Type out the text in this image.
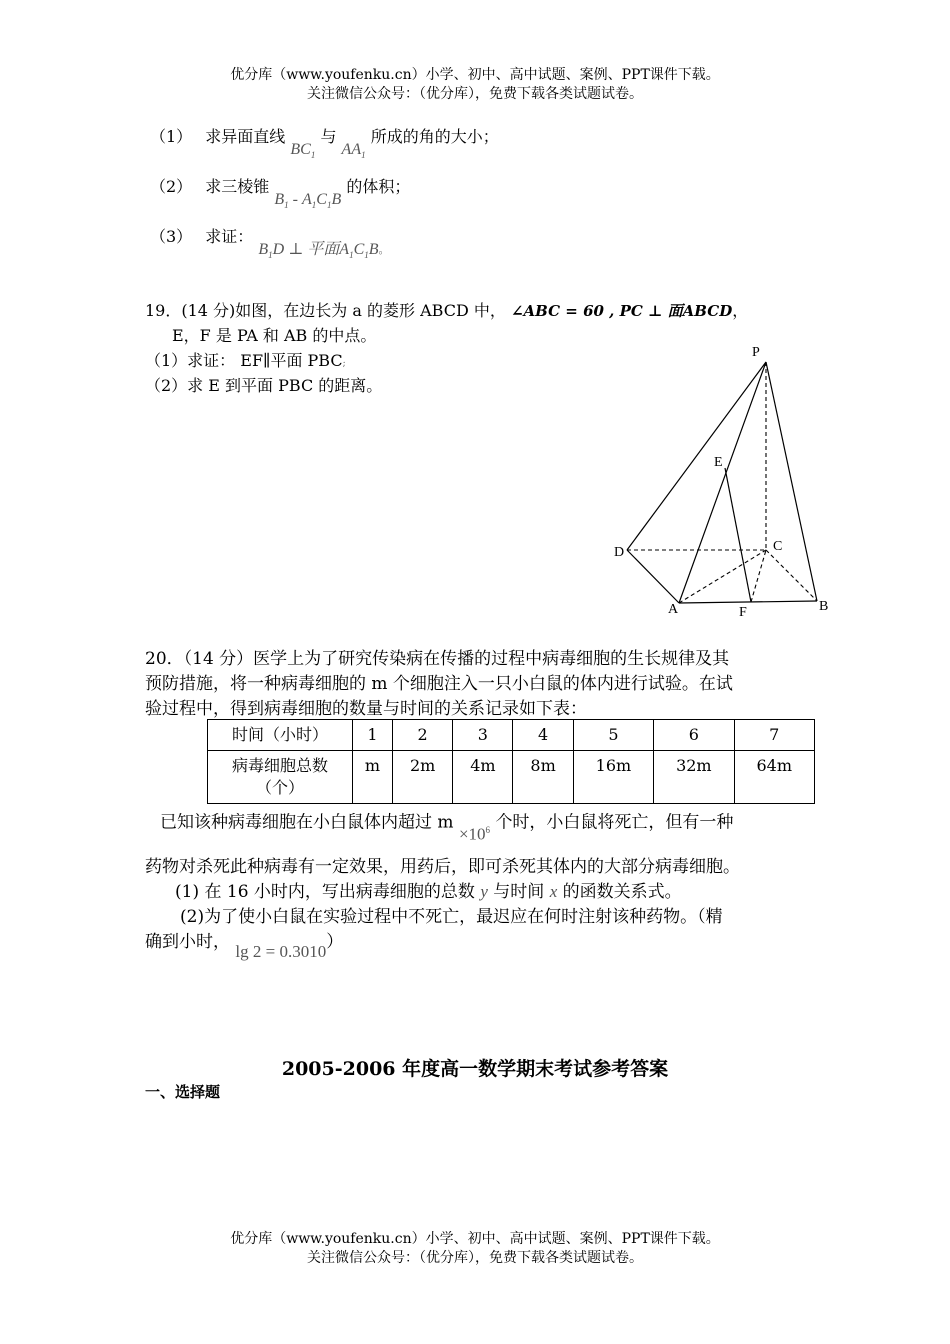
优分库（www.youfenku.cn）小学、初中、高中试题、案例、PPT课件下载。
关注微信公众号：（优分库），免费下载各类试题试卷。
（1） 求异面直线 $BC_1$ 与 $AA_1$ 所成的角的大小；
（2） 求三棱锥 $B_1 - A_1C_1B$ 的体积；
（3） 求证： $B_1D$ ⊥ 平面$A_1C_1B^。$
19．(14 分)如图，在边长为 a 的菱形 ABCD 中， ∠ABC = 60 , PC ⊥ 面ABCD，
E，F 是 PA 和 AB 的中点。
（1）求证： EF∥平面 PBC;
（2）求 E 到平面 PBC 的距离。
P
E
D	C
A	F	B
20．（14 分）医学上为了研究传染病在传播的过程中病毒细胞的生长规律及其
预防措施，将一种病毒细胞的 m 个细胞注入一只小白鼠的体内进行试验。在试
验过程中，得到病毒细胞的数量与时间的关系记录如下表：
时间（小时）	1	2	3	4	5	6	7

病毒细胞总数
（个）	m	2m	4m	8m	16m	32m	64m
已知该种病毒细胞在小白鼠体内超过 $m \times 10^6$ 个时，小白鼠将死亡，但有一种
药物对杀死此种病毒有一定效果，用药后，即可杀死其体内的大部分病毒细胞。
(1) 在 16 小时内，写出病毒细胞的总数 y 与时间 x 的函数关系式。
(2)为了使小白鼠在实验过程中不死亡，最迟应在何时注射该种药物。（精
确到小时， lg 2 = 0.3010）
2005-2006 年度高一数学期末考试参考答案
一、选择题
优分库（www.youfenku.cn）小学、初中、高中试题、案例、PPT课件下载。
关注微信公众号：（优分库），免费下载各类试题试卷。
